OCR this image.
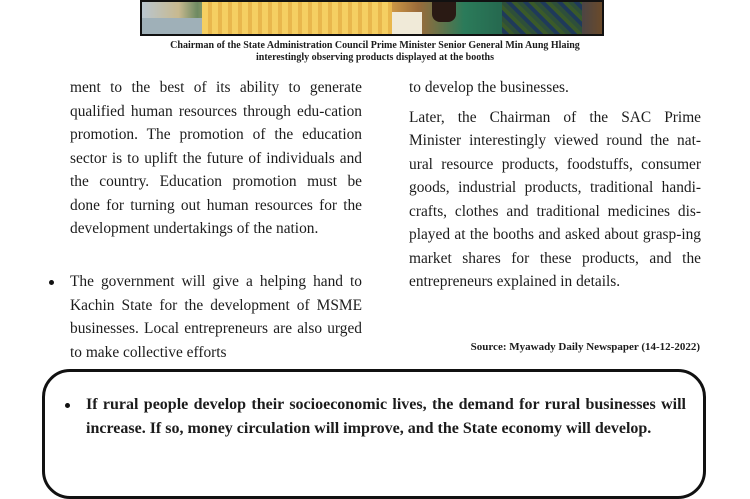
Chairman of the State Administration Council Prime Minister Senior General Min Aung Hlaing
interestingly observing products displayed at the booths

ment to the best of its ability to generate qualified human resources through edu-cation promotion. The promotion of the education sector is to uplift the future of individuals and the country. Education promotion must be done for turning out human resources for the development undertakings of the nation.

The government will give a helping hand to Kachin State for the development of MSME businesses. Local entrepreneurs are also urged to make collective efforts

to develop the businesses.

Later, the Chairman of the SAC Prime Minister interestingly viewed round the nat-ural resource products, foodstuffs, consumer goods, industrial products, traditional handi-crafts, clothes and traditional medicines dis-played at the booths and asked about grasp-ing market shares for these products, and the entrepreneurs explained in details.

Source: Myawady Daily Newspaper (14-12-2022)
If rural people develop their socioeconomic lives, the demand for rural businesses will increase. If so, money circulation will improve, and the State economy will develop.
